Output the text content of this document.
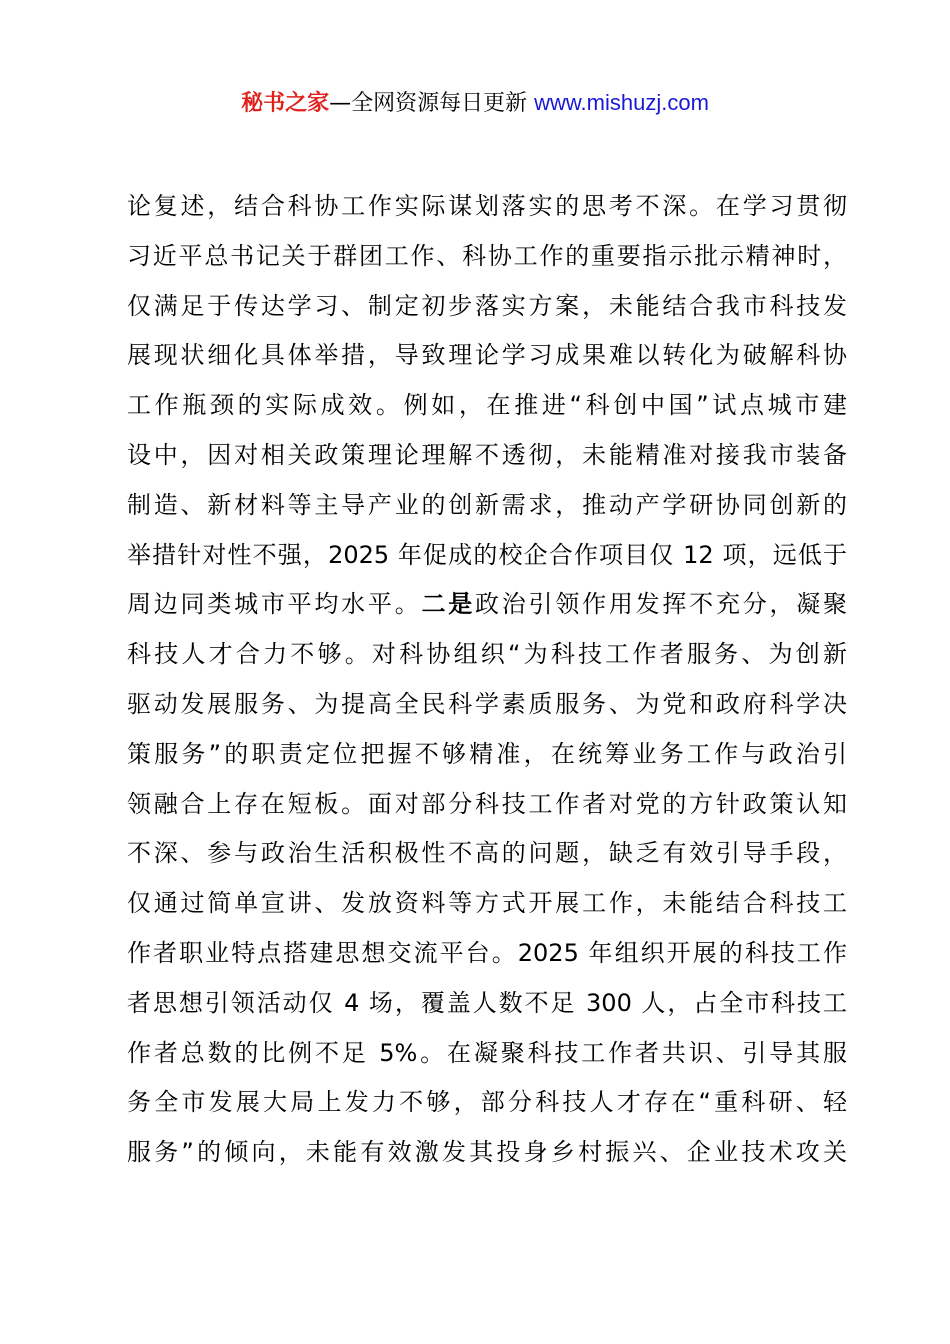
秘书之家—全网资源每日更新 www.mishuzj.com
论复述，结合科协工作实际谋划落实的思考不深。在学习贯彻
习近平总书记关于群团工作、科协工作的重要指示批示精神时，
仅满足于传达学习、制定初步落实方案，未能结合我市科技发
展现状细化具体举措，导致理论学习成果难以转化为破解科协
工作瓶颈的实际成效。例如，在推进“科创中国”试点城市建
设中，因对相关政策理论理解不透彻，未能精准对接我市装备
制造、新材料等主导产业的创新需求，推动产学研协同创新的
举措针对性不强，2025 年促成的校企合作项目仅 12 项，远低于
周边同类城市平均水平。二是政治引领作用发挥不充分，凝聚
科技人才合力不够。对科协组织“为科技工作者服务、为创新
驱动发展服务、为提高全民科学素质服务、为党和政府科学决
策服务”的职责定位把握不够精准，在统筹业务工作与政治引
领融合上存在短板。面对部分科技工作者对党的方针政策认知
不深、参与政治生活积极性不高的问题，缺乏有效引导手段，
仅通过简单宣讲、发放资料等方式开展工作，未能结合科技工
作者职业特点搭建思想交流平台。2025 年组织开展的科技工作
者思想引领活动仅 4 场，覆盖人数不足 300 人，占全市科技工
作者总数的比例不足 5%。在凝聚科技工作者共识、引导其服
务全市发展大局上发力不够，部分科技人才存在“重科研、轻
服务”的倾向，未能有效激发其投身乡村振兴、企业技术攻关
